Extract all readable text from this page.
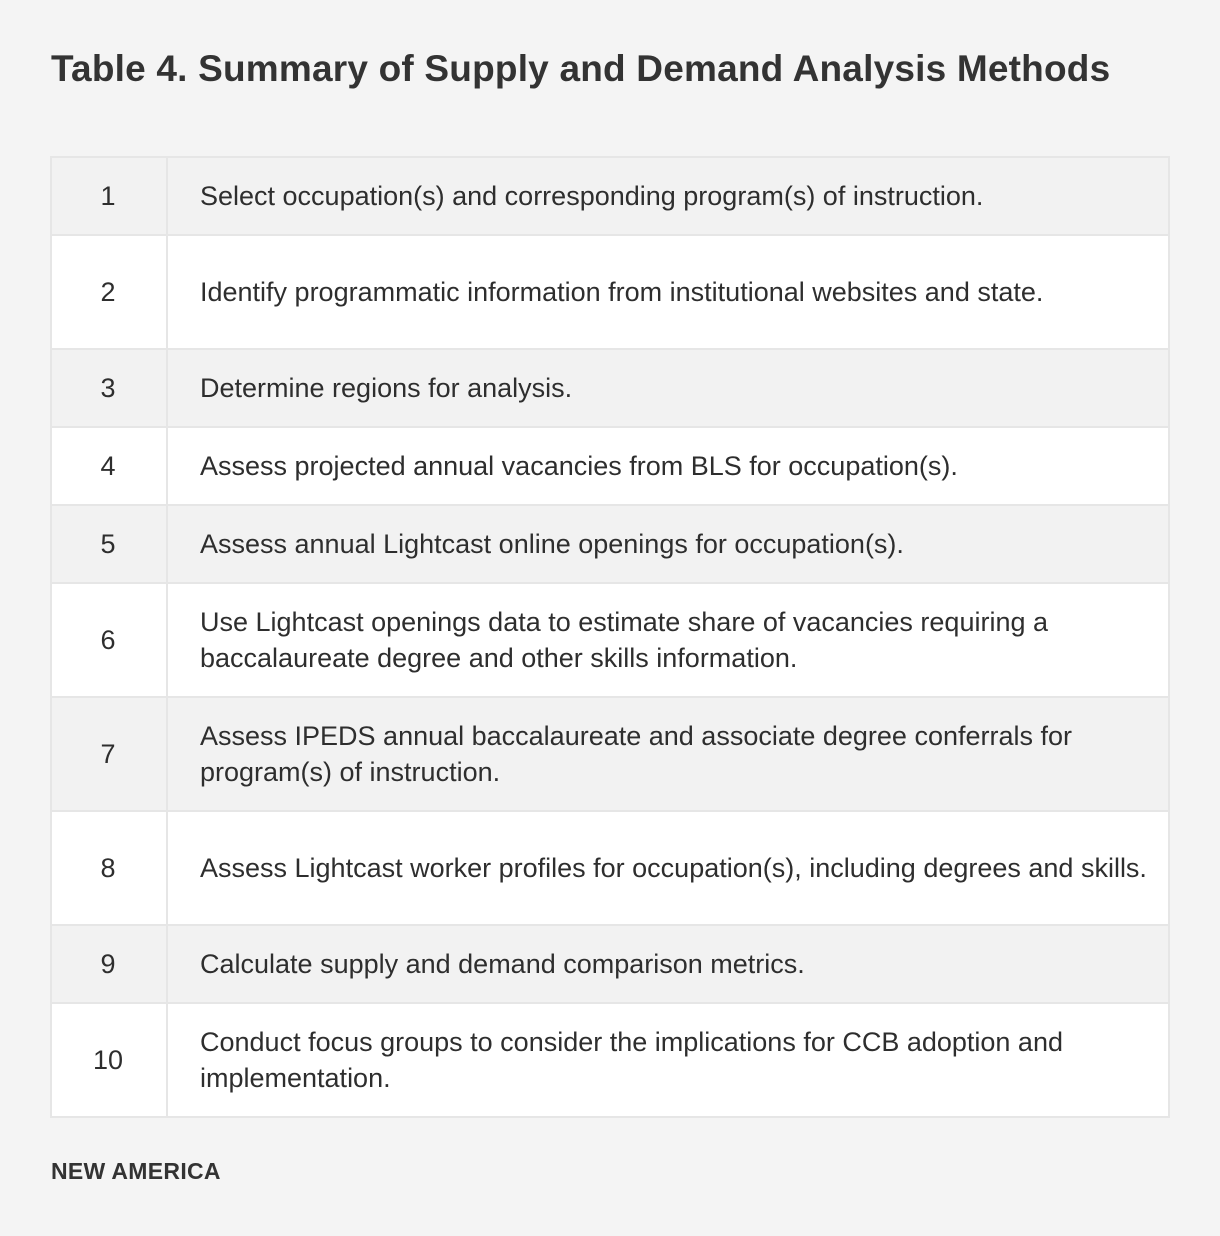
Table 4. Summary of Supply and Demand Analysis Methods
1	Select occupation(s) and corresponding program(s) of instruction.
2	Identify programmatic information from institutional websites and state.
3	Determine regions for analysis.
4	Assess projected annual vacancies from BLS for occupation(s).
5	Assess annual Lightcast online openings for occupation(s).
6	Use Lightcast openings data to estimate share of vacancies requiring a baccalaureate degree and other skills information.
7	Assess IPEDS annual baccalaureate and associate degree conferrals for program(s) of instruction.
8	Assess Lightcast worker profiles for occupation(s), including degrees and skills.
9	Calculate supply and demand comparison metrics.
10	Conduct focus groups to consider the implications for CCB adoption and implementation.
NEW AMERICA
